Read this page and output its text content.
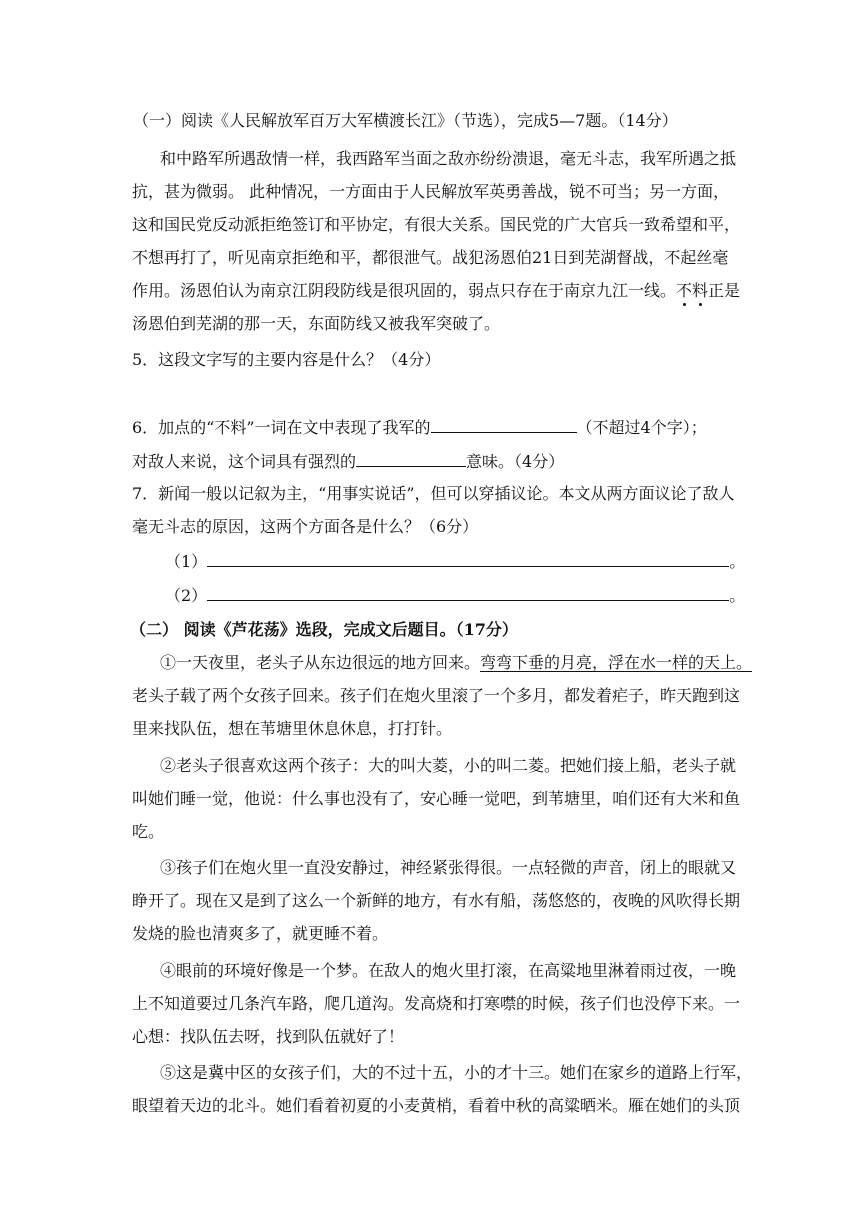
（一）阅读《人民解放军百万大军横渡长江》（节选），完成5—7题。（14分）
和中路军所遇敌情一样，我西路军当面之敌亦纷纷溃退，毫无斗志，我军所遇之抵
抗，甚为微弱。 此种情况，一方面由于人民解放军英勇善战，锐不可当；另一方面，
这和国民党反动派拒绝签订和平协定，有很大关系。国民党的广大官兵一致希望和平，
不想再打了，听见南京拒绝和平，都很泄气。战犯汤恩伯21日到芜湖督战，不起丝毫
作用。汤恩伯认为南京江阴段防线是很巩固的，弱点只存在于南京九江一线。不料正是
汤恩伯到芜湖的那一天，东面防线又被我军突破了。
5．这段文字写的主要内容是什么？（4分）
6．加点的“不料”一词在文中表现了我军的	（不超过4个字）；
对敌人来说，这个词具有强烈的	意味。（4分）
7．新闻一般以记叙为主，“用事实说话”，但可以穿插议论。本文从两方面议论了敌人
毫无斗志的原因，这两个方面各是什么？（6分）
（1）	。
（2）	。
（二） 阅读《芦花荡》选段，完成文后题目。（17分）
①一天夜里，老头子从东边很远的地方回来。弯弯下垂的月亮，浮在水一样的天上。
老头子载了两个女孩子回来。孩子们在炮火里滚了一个多月，都发着疟子，昨天跑到这
里来找队伍，想在苇塘里休息休息，打打针。
②老头子很喜欢这两个孩子：大的叫大菱，小的叫二菱。把她们接上船，老头子就
叫她们睡一觉，他说：什么事也没有了，安心睡一觉吧，到苇塘里，咱们还有大米和鱼
吃。
③孩子们在炮火里一直没安静过，神经紧张得很。一点轻微的声音，闭上的眼就又
睁开了。现在又是到了这么一个新鲜的地方，有水有船，荡悠悠的，夜晚的风吹得长期
发烧的脸也清爽多了，就更睡不着。
④眼前的环境好像是一个梦。在敌人的炮火里打滚，在高粱地里淋着雨过夜，一晚
上不知道要过几条汽车路，爬几道沟。发高烧和打寒噤的时候，孩子们也没停下来。一
心想：找队伍去呀，找到队伍就好了！
⑤这是冀中区的女孩子们，大的不过十五，小的才十三。她们在家乡的道路上行军，
眼望着天边的北斗。她们看着初夏的小麦黄梢，看着中秋的高粱晒米。雁在她们的头顶
